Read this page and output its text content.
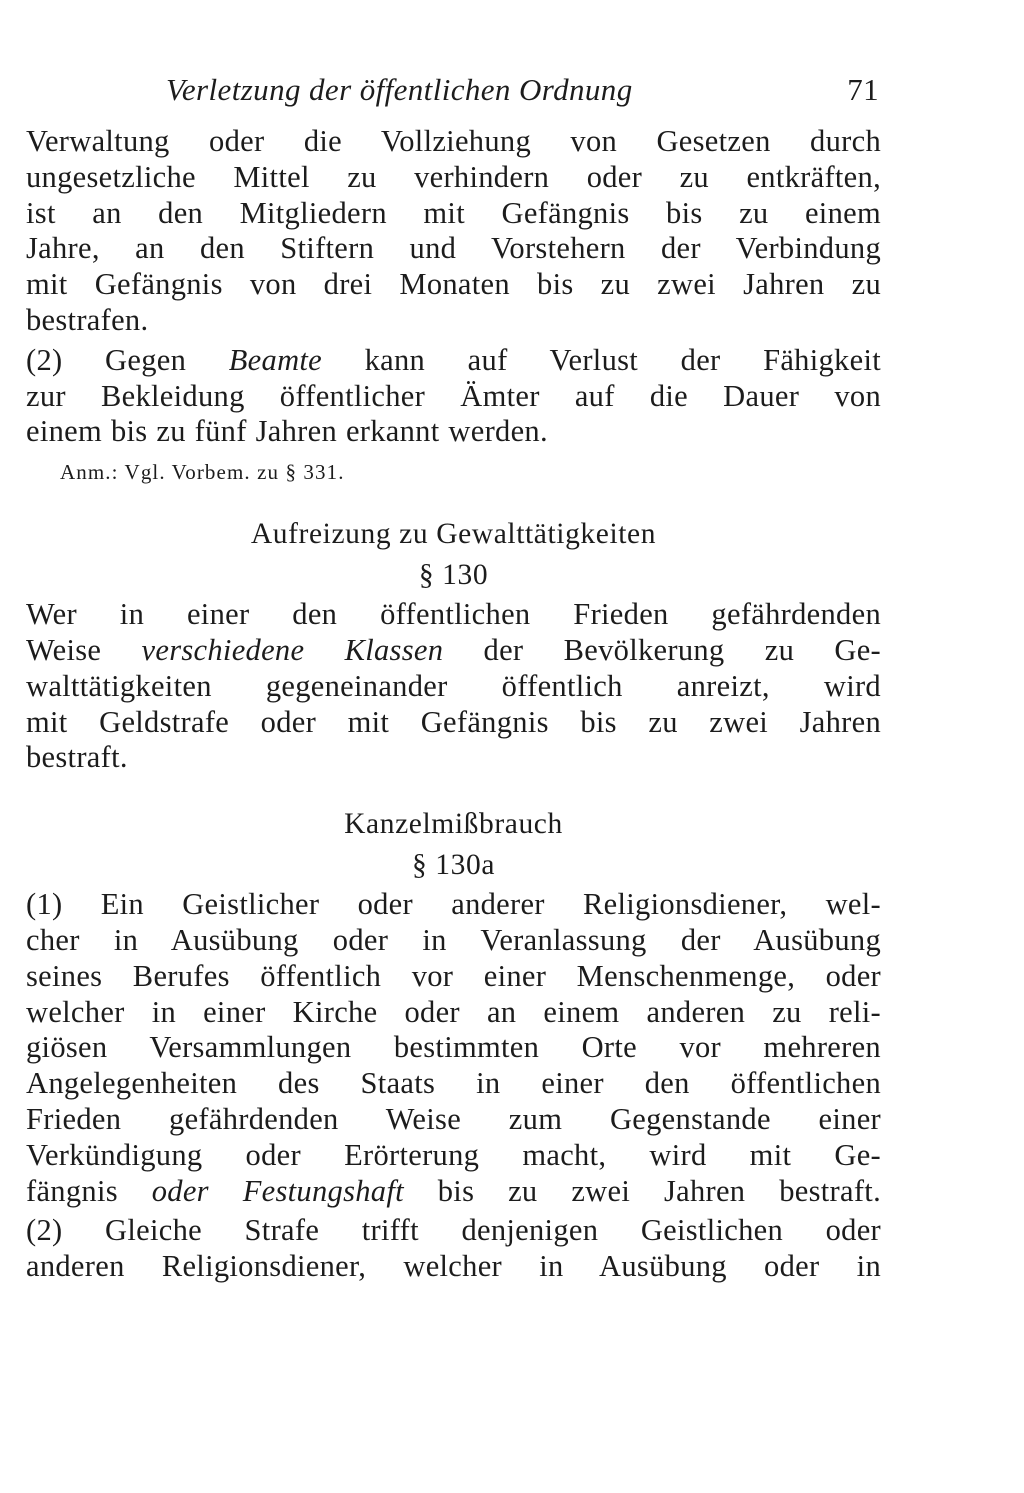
Verletzung der öffentlichen Ordnung	71

Verwaltung oder die Vollziehung von Gesetzen durch

ungesetzliche Mittel zu verhindern oder zu entkräften,

ist an den Mitgliedern mit Gefängnis bis zu einem

Jahre, an den Stiftern und Vorstehern der Verbindung

mit Gefängnis von drei Monaten bis zu zwei Jahren zu

bestrafen.

(2) Gegen Beamte kann auf Verlust der Fähigkeit

zur Bekleidung öffentlicher Ämter auf die Dauer von

einem bis zu fünf Jahren erkannt werden.

Anm.: Vgl. Vorbem. zu § 331.

Aufreizung zu Gewalttätigkeiten

§ 130

Wer in einer den öffentlichen Frieden gefährdenden

Weise verschiedene Klassen der Bevölkerung zu Ge-

walttätigkeiten gegeneinander öffentlich anreizt, wird

mit Geldstrafe oder mit Gefängnis bis zu zwei Jahren

bestraft.

Kanzelmißbrauch

§ 130a

(1) Ein Geistlicher oder anderer Religionsdiener, wel-

cher in Ausübung oder in Veranlassung der Ausübung

seines Berufes öffentlich vor einer Menschenmenge, oder

welcher in einer Kirche oder an einem anderen zu reli-

giösen Versammlungen bestimmten Orte vor mehreren

Angelegenheiten des Staats in einer den öffentlichen

Frieden gefährdenden Weise zum Gegenstande einer

Verkündigung oder Erörterung macht, wird mit Ge-

fängnis oder Festungshaft bis zu zwei Jahren bestraft.

(2) Gleiche Strafe trifft denjenigen Geistlichen oder

anderen Religionsdiener, welcher in Ausübung oder in
